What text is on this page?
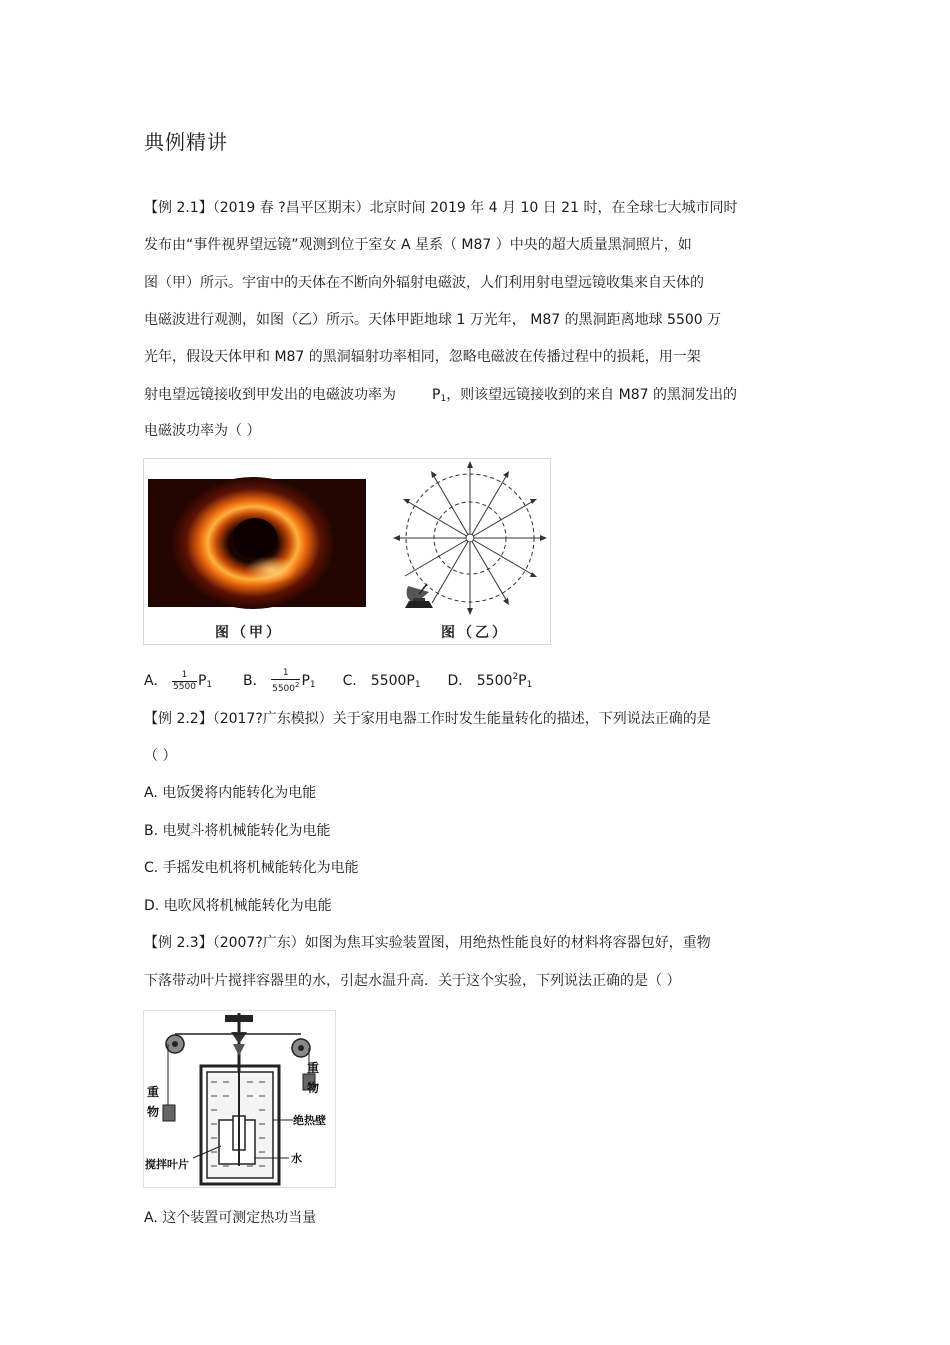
典例精讲
【例 2.1】（2019 春 ?昌平区期末）北京时间 2019 年 4 月 10 日 21 时，在全球七大城市同时
发布由“事件视界望远镜”观测到位于室女 A 星系（ M87 ）中央的超大质量黑洞照片，如
图（甲）所示。宇宙中的天体在不断向外辐射电磁波，人们利用射电望远镜收集来自天体的
电磁波进行观测，如图（乙）所示。天体甲距地球 1 万光年， M87 的黑洞距离地球 5500 万
光年，假设天体甲和 M87 的黑洞辐射功率相同，忽略电磁波在传播过程中的损耗，用一架
射电望远镜接收到甲发出的电磁波功率为	$P_1$，则该望远镜接收到的来自 M87 的黑洞发出的
电磁波功率为（ ）
图（甲）	图（乙）
A． $\frac{1}{5500} P_1$ B． $\frac{1}{5500^2} P_1$ C． $5500P_1$ D． $5500^2P_1$
【例 2.2】（2017?广东模拟）关于家用电器工作时发生能量转化的描述，下列说法正确的是
（ ）
A. 电饭煲将内能转化为电能
B. 电熨斗将机械能转化为电能
C. 手摇发电机将机械能转化为电能
D. 电吹风将机械能转化为电能
【例 2.3】（2007?广东）如图为焦耳实验装置图，用绝热性能良好的材料将容器包好，重物
下落带动叶片搅拌容器里的水，引起水温升高．关于这个实验，下列说法正确的是（ ）
重物
重物
绝热壁
搅拌叶片	水
A. 这个装置可测定热功当量
